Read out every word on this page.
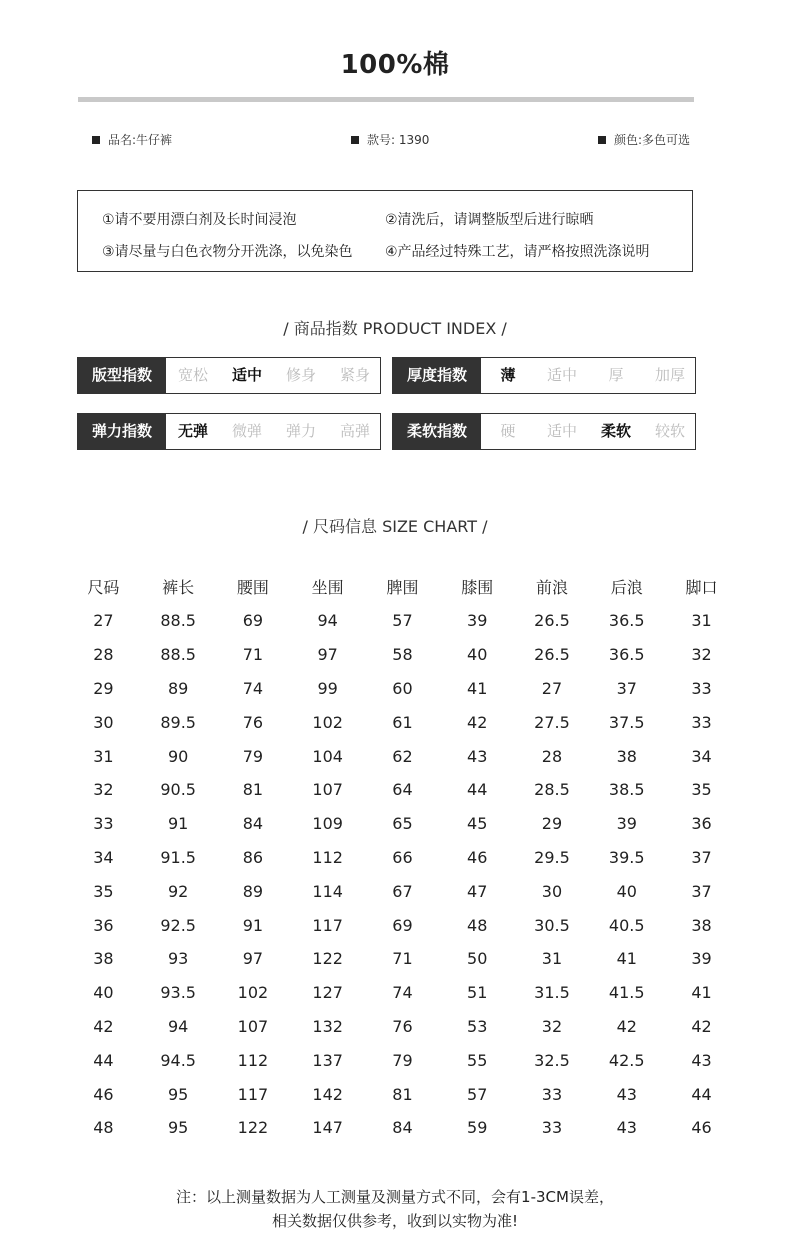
100%棉
品名:牛仔裤	款号: 1390	颜色:多色可选
①请不要用漂白剂及长时间浸泡	②清洗后，请调整版型后进行晾晒
③请尽量与白色衣物分开洗涤，以免染色 ④产品经过特殊工艺，请严格按照洗涤说明
/ 商品指数 PRODUCT INDEX /
版型指数	宽松	适中	修身	紧身	厚度指数	薄	适中	厚	加厚
弹力指数	无弹	微弹	弹力	高弹	柔软指数	硬	适中	柔软	较软
/ 尺码信息 SIZE CHART /
尺码	裤长	腰围	坐围	脾围	膝围	前浪	后浪	脚口
27	88.5	69	94	57	39	26.5	36.5	31
28	88.5	71	97	58	40	26.5	36.5	32
29	89	74	99	60	41	27	37	33
30	89.5	76	102	61	42	27.5	37.5	33
31	90	79	104	62	43	28	38	34
32	90.5	81	107	64	44	28.5	38.5	35
33	91	84	109	65	45	29	39	36
34	91.5	86	112	66	46	29.5	39.5	37
35	92	89	114	67	47	30	40	37
36	92.5	91	117	69	48	30.5	40.5	38
38	93	97	122	71	50	31	41	39
40	93.5	102	127	74	51	31.5	41.5	41
42	94	107	132	76	53	32	42	42
44	94.5	112	137	79	55	32.5	42.5	43
46	95	117	142	81	57	33	43	44
48	95	122	147	84	59	33	43	46
注：以上测量数据为人工测量及测量方式不同，会有1-3CM误差，
相关数据仅供参考，收到以实物为准!
